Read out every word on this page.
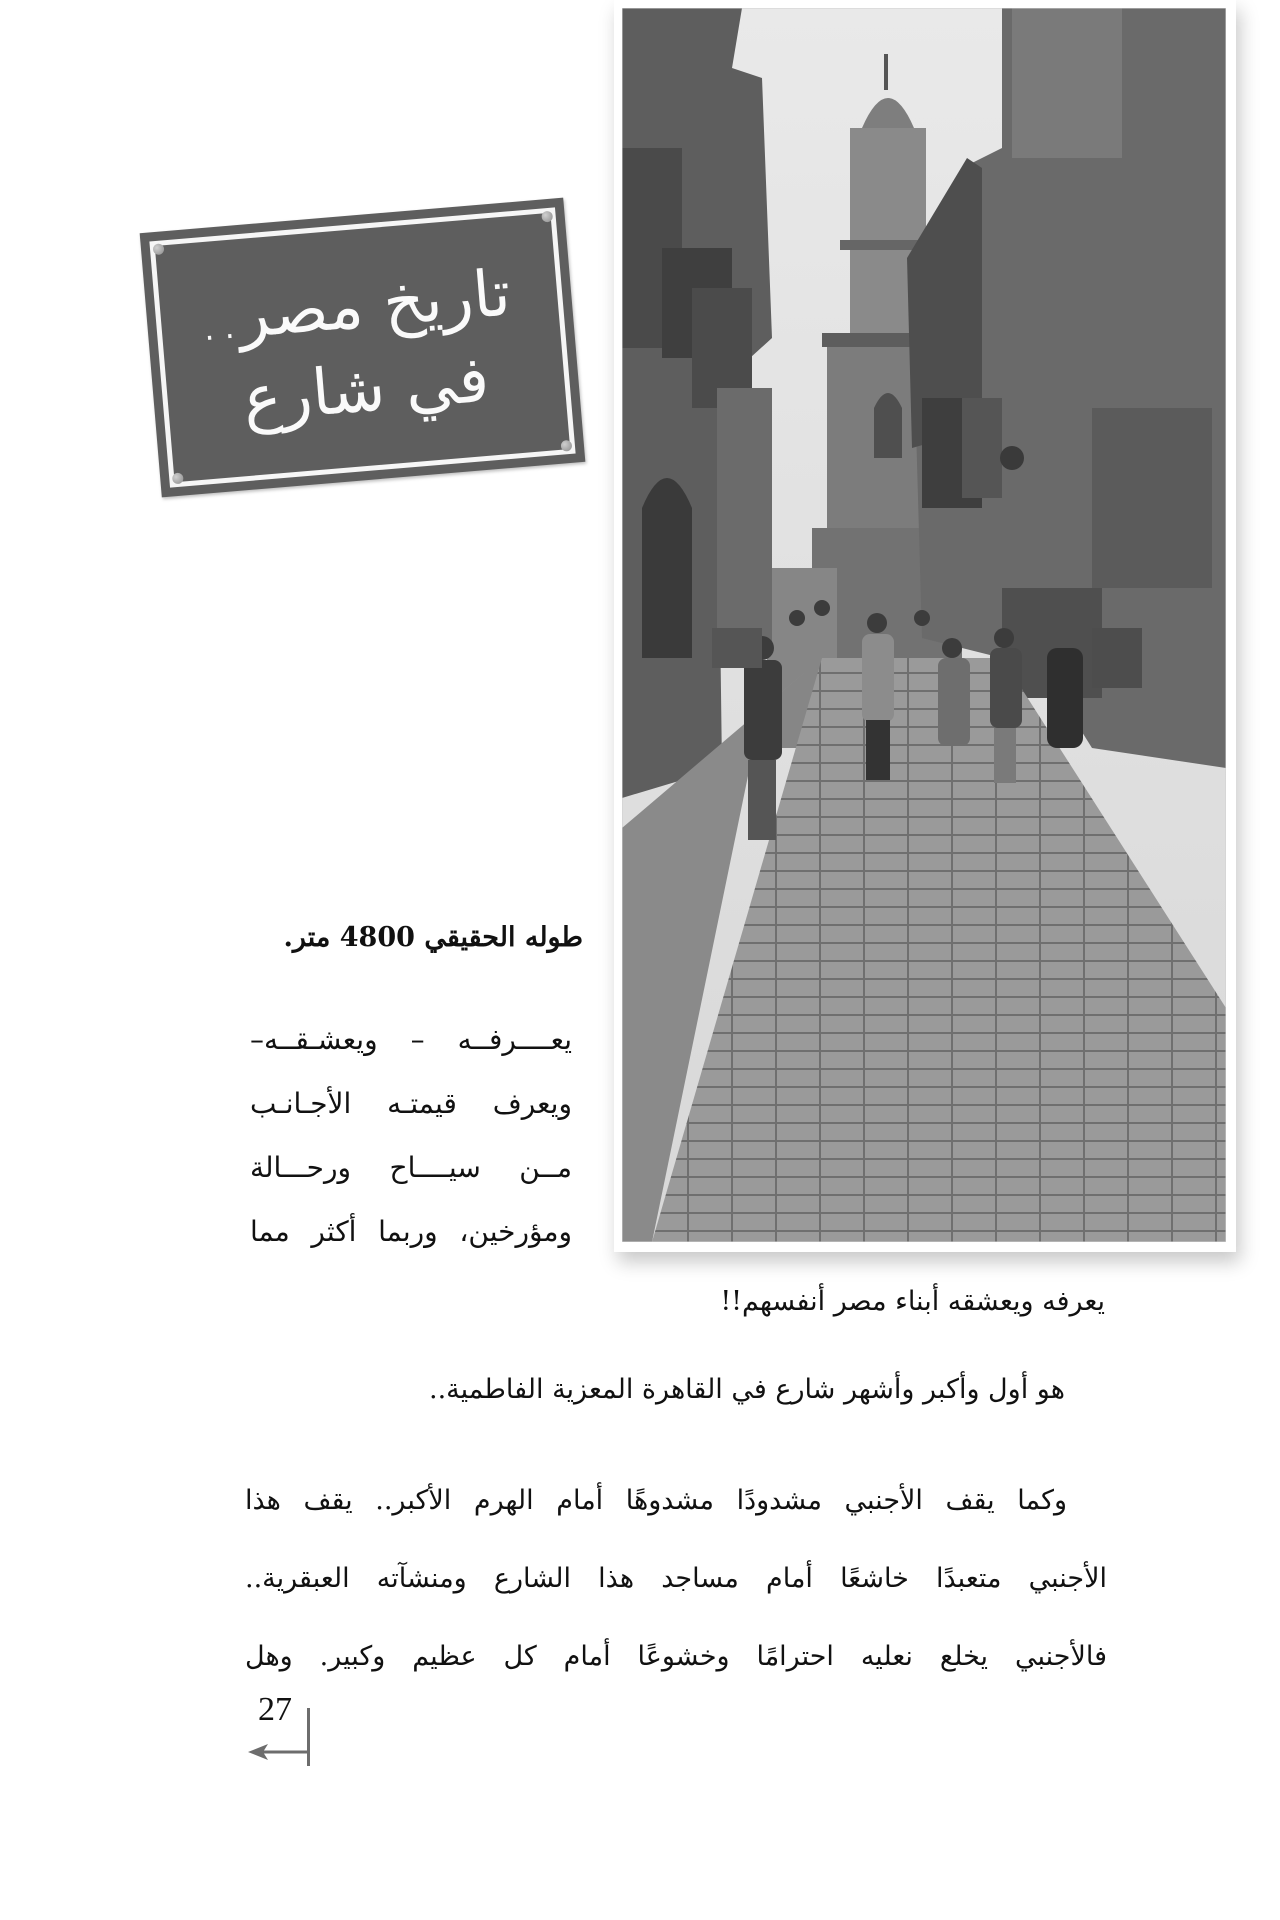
تاريخ مصر..
في شارع
طوله الحقيقي 4800 متر.
يعــــرفــه – ويعشـقــه–
ويعرف قيمتـه الأجـانـب
مــن سيــــاح ورحـــالة
ومؤرخين، وربما أكثر مما
يعرفه ويعشقه أبناء مصر أنفسهم!!
هو أول وأكبر وأشهر شارع في القاهرة المعزية الفاطمية..
وكما يقف الأجنبي مشدودًا مشدوهًا أمام الهرم الأكبر.. يقف هذا
الأجنبي متعبدًا خاشعًا أمام مساجد هذا الشارع ومنشآته العبقرية..
فالأجنبي يخلع نعليه احترامًا وخشوعًا أمام كل عظيم وكبير. وهل
27
